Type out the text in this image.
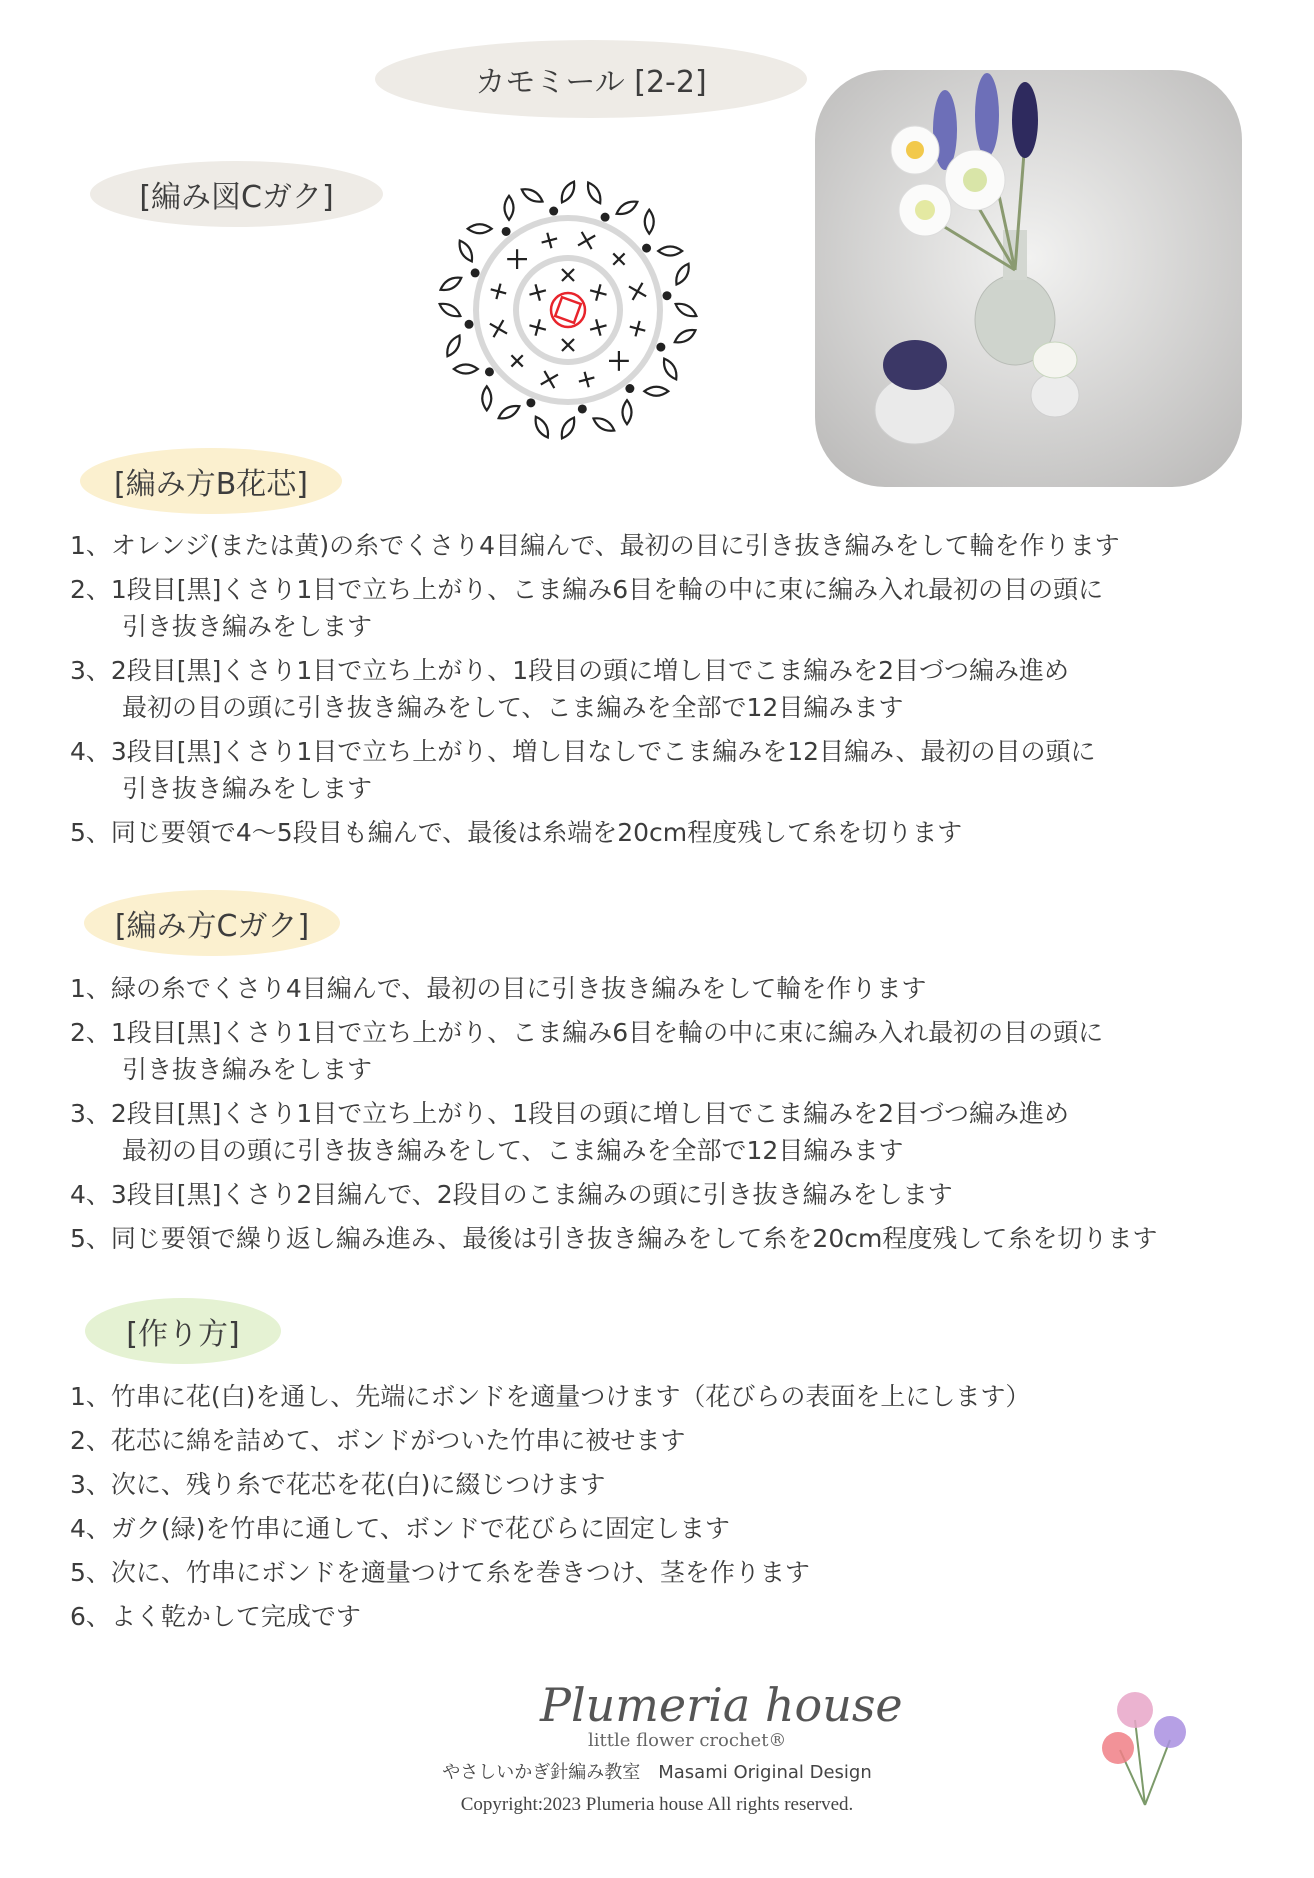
カモミール [2-2]
[編み図Cガク]
[編み方B花芯]
1、オレンジ(または黄)の糸でくさり4目編んで、最初の目に引き抜き編みをして輪を作ります
2、1段目[黒]くさり1目で立ち上がり、こま編み6目を輪の中に束に編み入れ最初の目の頭に
引き抜き編みをします
3、2段目[黒]くさり1目で立ち上がり、1段目の頭に増し目でこま編みを2目づつ編み進め
最初の目の頭に引き抜き編みをして、こま編みを全部で12目編みます
4、3段目[黒]くさり1目で立ち上がり、増し目なしでこま編みを12目編み、最初の目の頭に
引き抜き編みをします
5、同じ要領で4〜5段目も編んで、最後は糸端を20cm程度残して糸を切ります
[編み方Cガク]
1、緑の糸でくさり4目編んで、最初の目に引き抜き編みをして輪を作ります
2、1段目[黒]くさり1目で立ち上がり、こま編み6目を輪の中に束に編み入れ最初の目の頭に
引き抜き編みをします
3、2段目[黒]くさり1目で立ち上がり、1段目の頭に増し目でこま編みを2目づつ編み進め
最初の目の頭に引き抜き編みをして、こま編みを全部で12目編みます
4、3段目[黒]くさり2目編んで、2段目のこま編みの頭に引き抜き編みをします
5、同じ要領で繰り返し編み進み、最後は引き抜き編みをして糸を20cm程度残して糸を切ります
[作り方]
1、竹串に花(白)を通し、先端にボンドを適量つけます（花びらの表面を上にします）
2、花芯に綿を詰めて、ボンドがついた竹串に被せます
3、次に、残り糸で花芯を花(白)に綴じつけます
4、ガク(緑)を竹串に通して、ボンドで花びらに固定します
5、次に、竹串にボンドを適量つけて糸を巻きつけ、茎を作ります
6、よく乾かして完成です
Plumeria house
little flower crochet®
やさしいかぎ針編み教室　Masami Original Design
Copyright:2023 Plumeria house All rights reserved.
